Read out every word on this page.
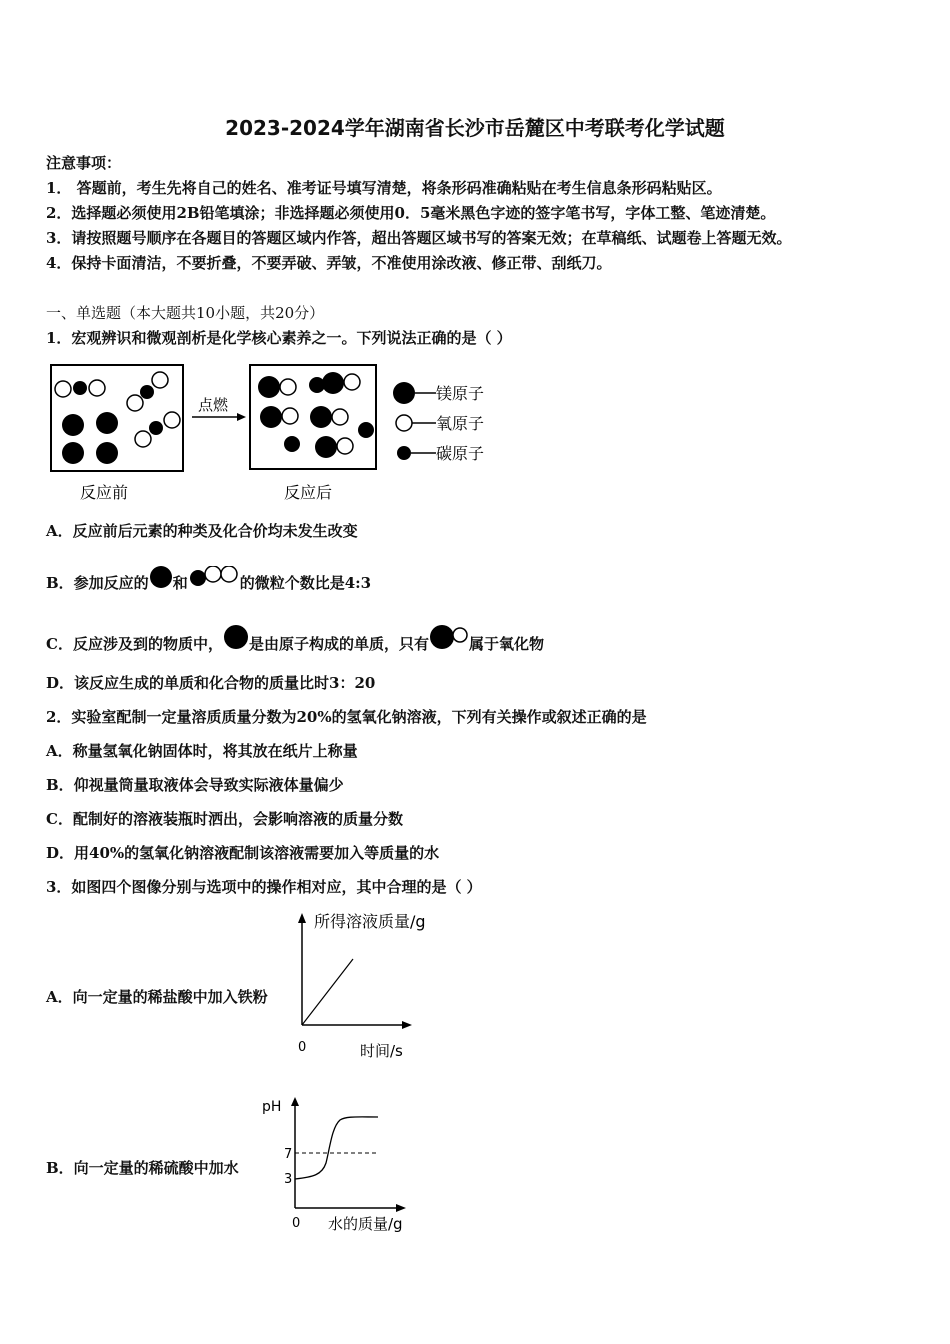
2023-2024学年湖南省长沙市岳麓区中考联考化学试题
注意事项：
1． 答题前，考生先将自己的姓名、准考证号填写清楚，将条形码准确粘贴在考生信息条形码粘贴区。
2．选择题必须使用2B铅笔填涂；非选择题必须使用0．5毫米黑色字迹的签字笔书写，字体工整、笔迹清楚。
3．请按照题号顺序在各题目的答题区域内作答，超出答题区域书写的答案无效；在草稿纸、试题卷上答题无效。
4．保持卡面清洁，不要折叠，不要弄破、弄皱，不准使用涂改液、修正带、刮纸刀。
一、单选题（本大题共10小题，共20分）
1．宏观辨识和微观剖析是化学核心素养之一。下列说法正确的是（ ）
点燃
镁原子
氧原子
碳原子
反应前	反应后
A．反应前后元素的种类及化合价均未发生改变
B．参加反应的 和	的微粒个数比是4:3
C．反应涉及到的物质中， 是由原子构成的单质，只有	属于氧化物
D．该反应生成的单质和化合物的质量比时3：20
2．实验室配制一定量溶质质量分数为20%的氢氧化钠溶液，下列有关操作或叙述正确的是
A．称量氢氧化钠固体时，将其放在纸片上称量
B．仰视量筒量取液体会导致实际液体量偏少
C．配制好的溶液装瓶时洒出，会影响溶液的质量分数
D．用40%的氢氧化钠溶液配制该溶液需要加入等质量的水
3．如图四个图像分别与选项中的操作相对应，其中合理的是（ ）
A．向一定量的稀盐酸中加入铁粉
所得溶液质量/g
0	时间/s
B．向一定量的稀硫酸中加水
pH
7
3
0 水的质量/g
